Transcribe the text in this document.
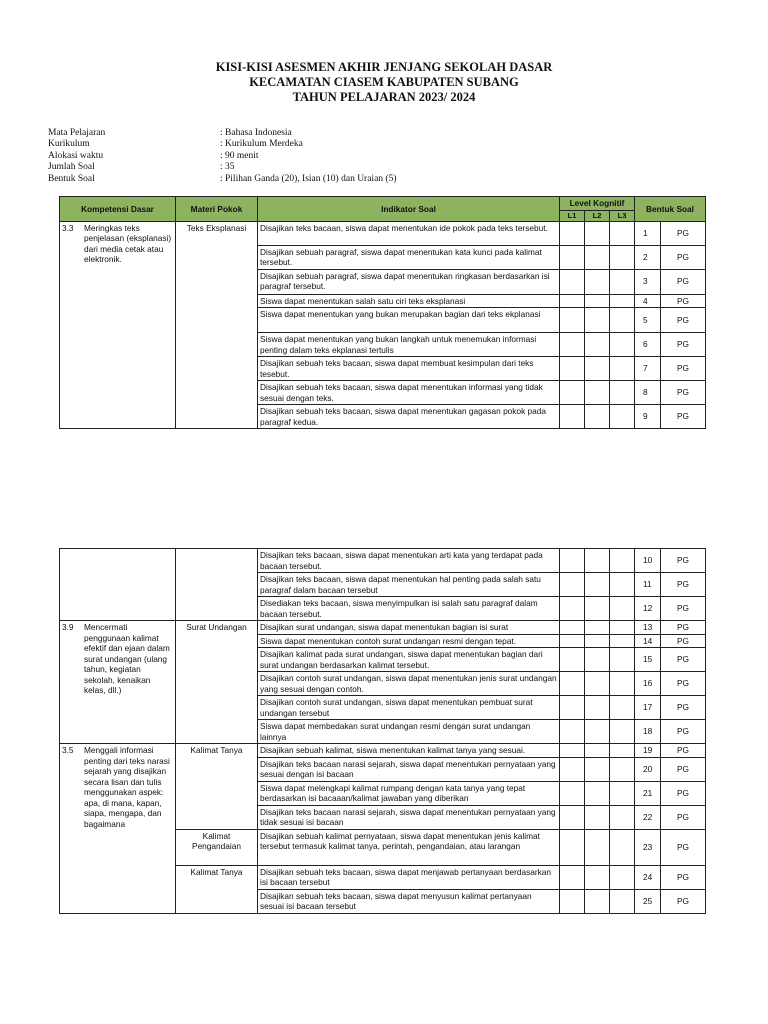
KISI-KISI ASESMEN AKHIR JENJANG SEKOLAH DASAR
KECAMATAN CIASEM KABUPATEN SUBANG
TAHUN PELAJARAN 2023/ 2024
Mata Pelajaran	: Bahasa Indonesia
Kurikulum	: Kurikulum Merdeka
Alokasi waktu	: 90 menit
Jumlah Soal	: 35
Bentuk Soal	: Pilihan Ganda (20), Isian (10) dan Uraian (5)
Kompetensi Dasar	Materi Pokok	Indikator Soal	Level Kognitif			Bentuk Soal	
			L1	L2	L3		

3.3 Meringkas teks penjelasan (eksplanasi) dari media cetak atau elektronik.	Teks Eksplanasi	Disajikan teks bacaan, siswa dapat menentukan ide pokok pada teks tersebut.				1	PG
		Disajikan sebuah paragraf, siswa dapat menentukan kata kunci pada kalimat tersebut.				2	PG
		Disajikan sebuah paragraf, siswa dapat menentukan ringkasan berdasarkan isi paragraf tersebut.				3	PG
		Siswa dapat menentukan salah satu ciri teks eksplanasi				4	PG
		Siswa dapat menentukan yang bukan merupakan bagian dari teks ekplanasi				5	PG
		Siswa dapat menentukan yang bukan langkah untuk menemukan informasi penting dalam teks ekplanasi tertulis				6	PG
		Disajikan sebuah teks bacaan, siswa dapat membuat kesimpulan dari teks tesebut.				7	PG
		Disajikan sebuah teks bacaan, siswa dapat menentukan informasi yang tidak sesuai dengan teks.				8	PG
		Disajikan sebuah teks bacaan, siswa dapat menentukan gagasan pokok pada paragraf kedua.				9	PG
		Disajikan teks bacaan, siswa dapat menentukan arti kata yang terdapat pada bacaan tersebut.				10	PG
		Disajikan teks bacaan, siswa dapat menentukan hal penting pada salah satu paragraf dalam bacaan tersebut				11	PG
		Disediakan teks bacaan, siswa menyimpulkan isi salah satu paragraf dalam bacaan tersebut.				12	PG

3.9 Mencermati penggunaan kalimat efektif dan ejaan dalam surat undangan (ulang tahun, kegiatan sekolah, kenaikan kelas, dll.)	Surat Undangan	Disajikan surat undangan, siswa dapat menentukan bagian isi surat				13	PG
		Siswa dapat menentukan contoh surat undangan resmi dengan tepat.				14	PG
		Disajikan kalimat pada surat undangan, siswa dapat menentukan bagian dari surat undangan berdasarkan kalimat tersebut.				15	PG
		Disajikan contoh surat undangan, siswa dapat menentukan jenis surat undangan yang sesuai dengan contoh.				16	PG
		Disajikan contoh surat undangan, siswa dapat menentukan pembuat surat undangan tersebut				17	PG
		Siswa dapat membedakan surat undangan resmi dengan surat undangan lainnya				18	PG

3.5 Menggali informasi penting dari teks narasi sejarah yang disajikan secara lisan dan tulis menggunakan aspek: apa, di mana, kapan, siapa, mengapa, dan bagaimana	Kalimat Tanya	Disajikan sebuah kalimat, siswa menentukan kalimat tanya yang sesuai.				19	PG
		Disajikan teks bacaan narasi sejarah, siswa dapat menentukan pernyataan yang sesuai dengan isi bacaan				20	PG
		Siswa dapat melengkapi kalimat rumpang dengan kata tanya yang tepat berdasarkan isi bacaaan/kalimat jawaban yang diberikan				21	PG
		Disajikan teks bacaan narasi sejarah, siswa dapat menentukan pernyataan yang tidak sesuai isi bacaan				22	PG
	Kalimat Pengandaian	Disajikan sebuah kalimat pernyataan, siswa dapat menentukan jenis kalimat tersebut termasuk kalimat tanya, perintah, pengandaian, atau larangan				23	PG
	Kalimat Tanya	Disajikan sebuah teks bacaan, siswa dapat menjawab pertanyaan berdasarkan isi bacaan tersebut				24	PG
		Disajikan sebuah teks bacaan, siswa dapat menyusun kalimat pertanyaan sesuai isi bacaan tersebut				25	PG
